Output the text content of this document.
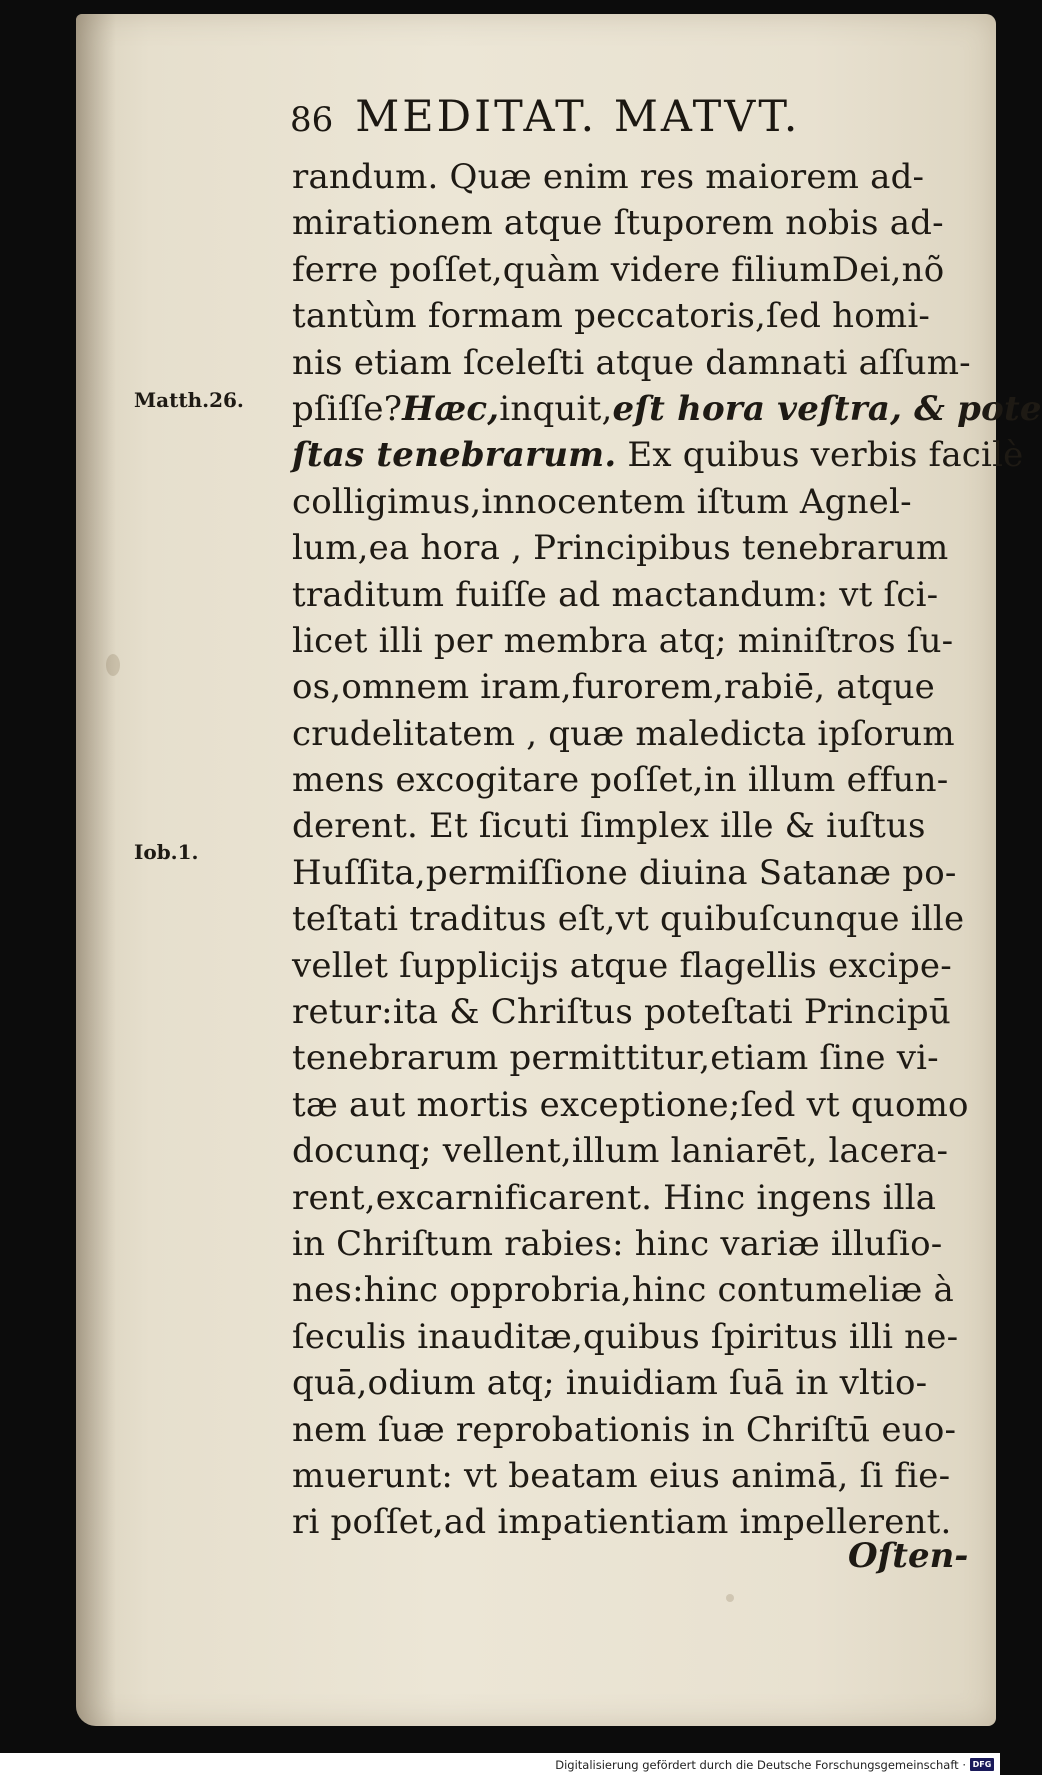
86 MEDITAT. MATVT.
Matth.26.
Iob.1.
randum. Quæ enim res maiorem ad-
mirationem atque ſtuporem nobis ad-
ferre poſſet,quàm videre filiumDei,nõ
tantùm formam peccatoris,ſed homi-
nis etiam ſceleſti atque damnati aſſum-
pſiſſe?Hæc,inquit,eſt hora veſtra, & pote
ſtas tenebrarum. Ex quibus verbis facilè
colligimus,innocentem iſtum Agnel-
lum,ea hora , Principibus tenebrarum
traditum fuiſſe ad mactandum: vt ſci-
licet illi per membra atq; miniſtros ſu-
os,omnem iram,furorem,rabiē, atque
crudelitatem , quæ maledicta ipſorum
mens excogitare poſſet,in illum effun-
derent. Et ſicuti ſimplex ille & iuſtus
Huſſita,permiſſione diuina Satanæ po-
teſtati traditus eſt,vt quibuſcunque ille
vellet ſupplicijs atque flagellis excipe-
retur:ita & Chriſtus poteſtati Principū
tenebrarum permittitur,etiam ſine vi-
tæ aut mortis exceptione;ſed vt quomo
docunq; vellent,illum laniarēt, lacera-
rent,excarnificarent. Hinc ingens illa
in Chriſtum rabies: hinc variæ illuſio-
nes:hinc opprobria,hinc contumeliæ à
ſeculis inauditæ,quibus ſpiritus illi ne-
quā,odium atq; inuidiam ſuā in vltio-
nem ſuæ reprobationis in Chriſtū euo-
muerunt: vt beatam eius animā, ſi fie-
ri poſſet,ad impatientiam impellerent.
Oſten-
Digitalisierung gefördert durch die Deutsche Forschungsgemeinschaft · DFG
